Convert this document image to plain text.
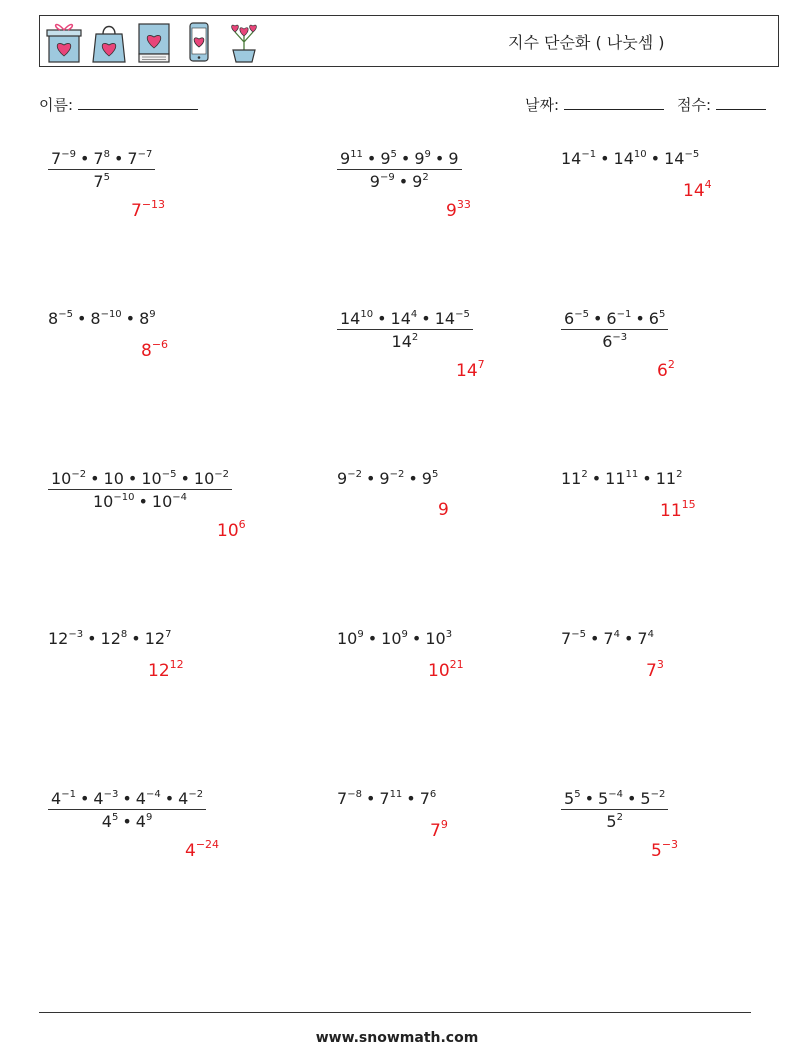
지수 단순화 ( 나눗셈 )
이름:	날짜:	점수:
$\frac{7^{-9} • 7^8 • 7^{-7}}{7^5}$
$7^{-13}$
$\frac{9^{11} • 9^5 • 9^9 • 9}{9^{-9} • 9^2}$
$9^{33}$
$14^{-1}$ • $14^{10}$ • $14^{-5}$
$14^4$
$8^{-5}$ • $8^{-10}$ • $8^9$
$8^{-6}$	$\frac{14^{10} • 14^4 • 14^{-5}}{14^2}$
$14^7$
$\frac{6^{-5} • 6^{-1} • 6^5}{6^{-3}}$
$6^2$
$\frac{10^{-2} • 10 • 10^{-5} • 10^{-2}}{10^{-10} • 10^{-4}}$
$10^6$
$9^{-2}$ • $9^{-2}$ • $9^5$
9
$11^2$ • $11^{11}$ • $11^2$
$11^{15}$
$12^{-3}$ • $12^8$ • $12^7$
$12^{12}$
$10^9$ • $10^9$ • $10^3$
$10^{21}$
$7^{-5}$ • $7^4$ • $7^4$
$7^3$
$\frac{4^{-1} • 4^{-3} • 4^{-4} • 4^{-2}}{4^5 • 4^9}$
$4^{-24}$
$7^{-8}$ • $7^{11}$ • $7^6$
$7^9$	$\frac{5^5 • 5^{-4} • 5^{-2}}{5^2}$
$5^{-3}$
www.snowmath.com
